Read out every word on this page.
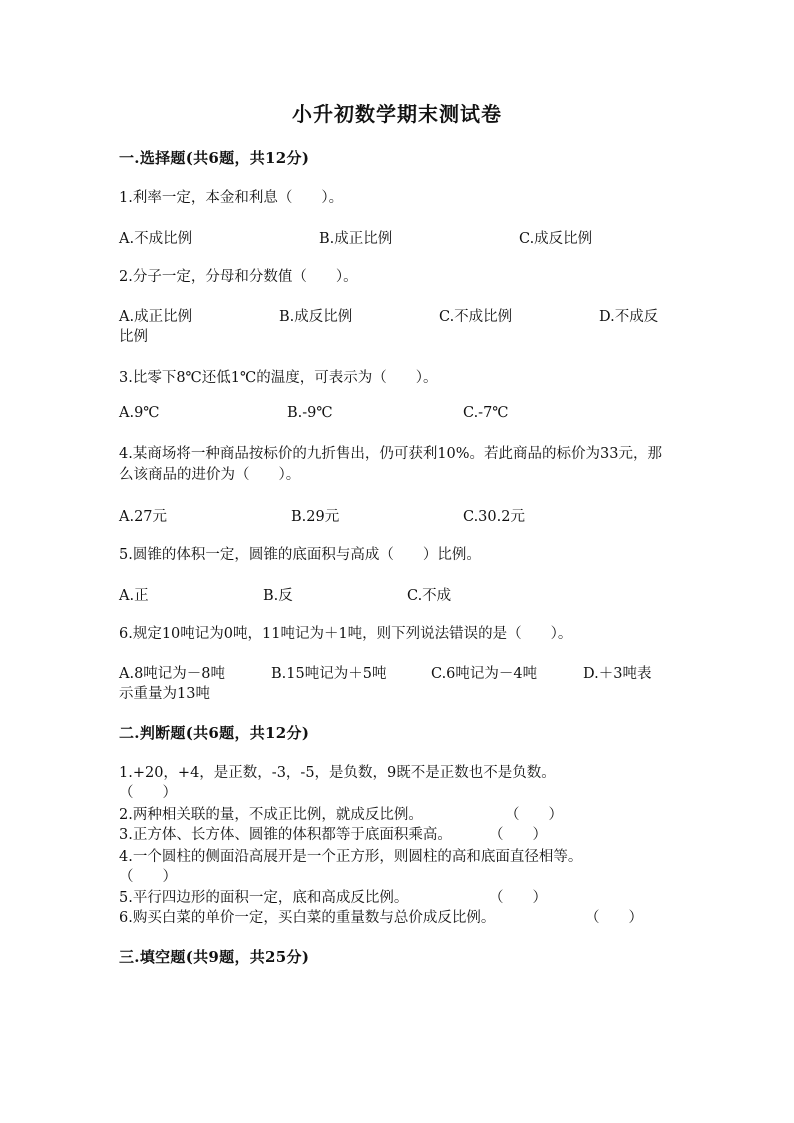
小升初数学期末测试卷
一.选择题(共6题，共12分)
1.利率一定，本金和利息（　　）。
A.不成比例	B.成正比例	C.成反比例
2.分子一定，分母和分数值（　　）。
A.成正比例	B.成反比例	C.不成比例	D.不成反
比例
3.比零下8℃还低1℃的温度，可表示为（　　）。
A.9℃	B.-9℃	C.-7℃
4.某商场将一种商品按标价的九折售出，仍可获利10%。若此商品的标价为33元，那么该商品的进价为（　　）。
A.27元	B.29元	C.30.2元
5.圆锥的体积一定，圆锥的底面积与高成（　　）比例。
A.正	B.反	C.不成
6.规定10吨记为0吨，11吨记为＋1吨，则下列说法错误的是（　　）。
A.8吨记为－8吨	B.15吨记为＋5吨	C.6吨记为－4吨	D.＋3吨表
示重量为13吨
二.判断题(共6题，共12分)
1.+20，+4，是正数，-3，-5，是负数，9既不是正数也不是负数。
（　　）
2.两种相关联的量，不成正比例，就成反比例。	（　　）
3.正方体、长方体、圆锥的体积都等于底面积乘高。	（　　）
4.一个圆柱的侧面沿高展开是一个正方形，则圆柱的高和底面直径相等。
（　　）
5.平行四边形的面积一定，底和高成反比例。	（　　）
6.购买白菜的单价一定，买白菜的重量数与总价成反比例。	（　　）
三.填空题(共9题，共25分)
